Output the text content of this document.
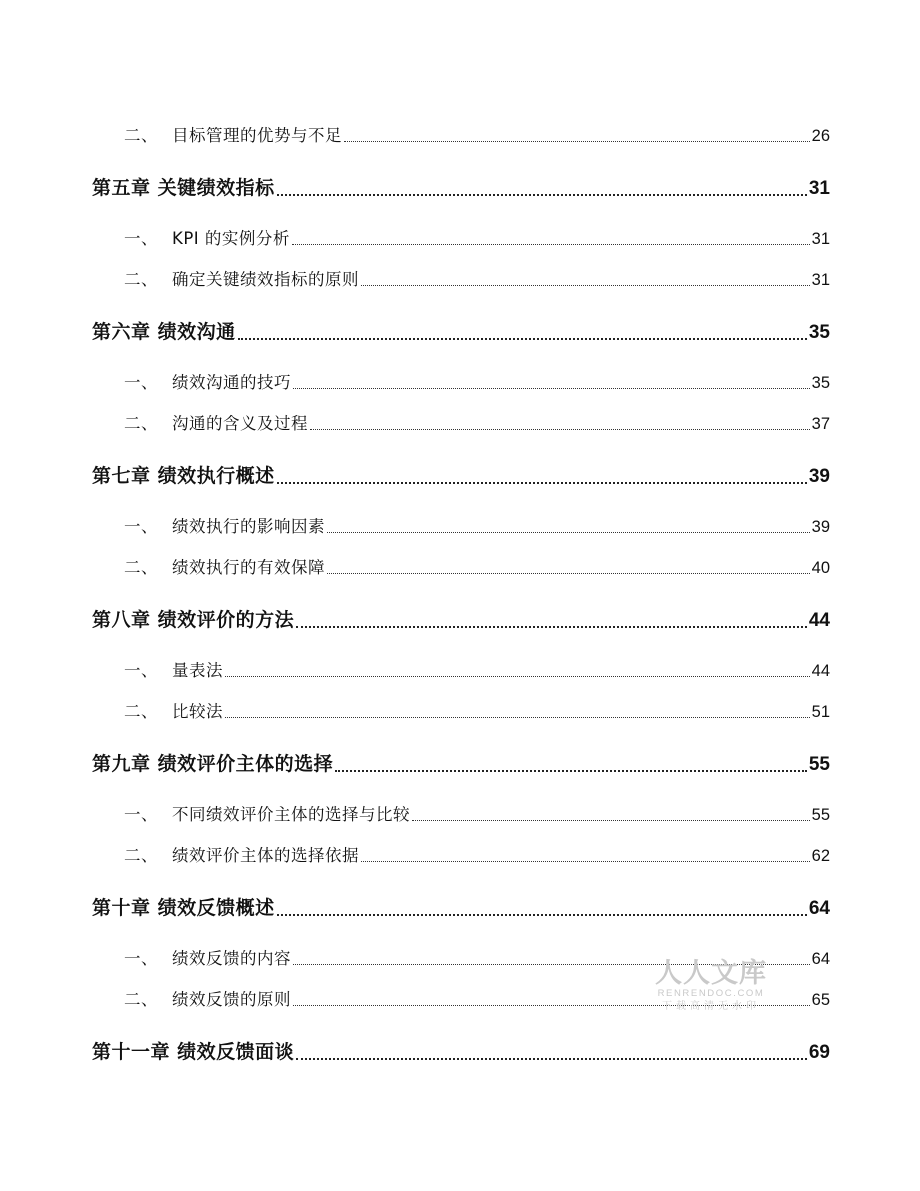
二、 目标管理的优势与不足	26
第五章 关键绩效指标	31
一、 KPI 的实例分析	31
二、 确定关键绩效指标的原则	31
第六章 绩效沟通	35
一、 绩效沟通的技巧	35
二、 沟通的含义及过程	37
第七章 绩效执行概述	39
一、 绩效执行的影响因素	39
二、 绩效执行的有效保障	40
第八章 绩效评价的方法	44
一、 量表法	44
二、 比较法	51
第九章 绩效评价主体的选择	55
一、 不同绩效评价主体的选择与比较	55
二、 绩效评价主体的选择依据	62
第十章 绩效反馈概述	64
一、 绩效反馈的内容	64
二、 绩效反馈的原则	65
第十一章 绩效反馈面谈	69
人人文库
RENRENDOC.COM
下载高清无水印
